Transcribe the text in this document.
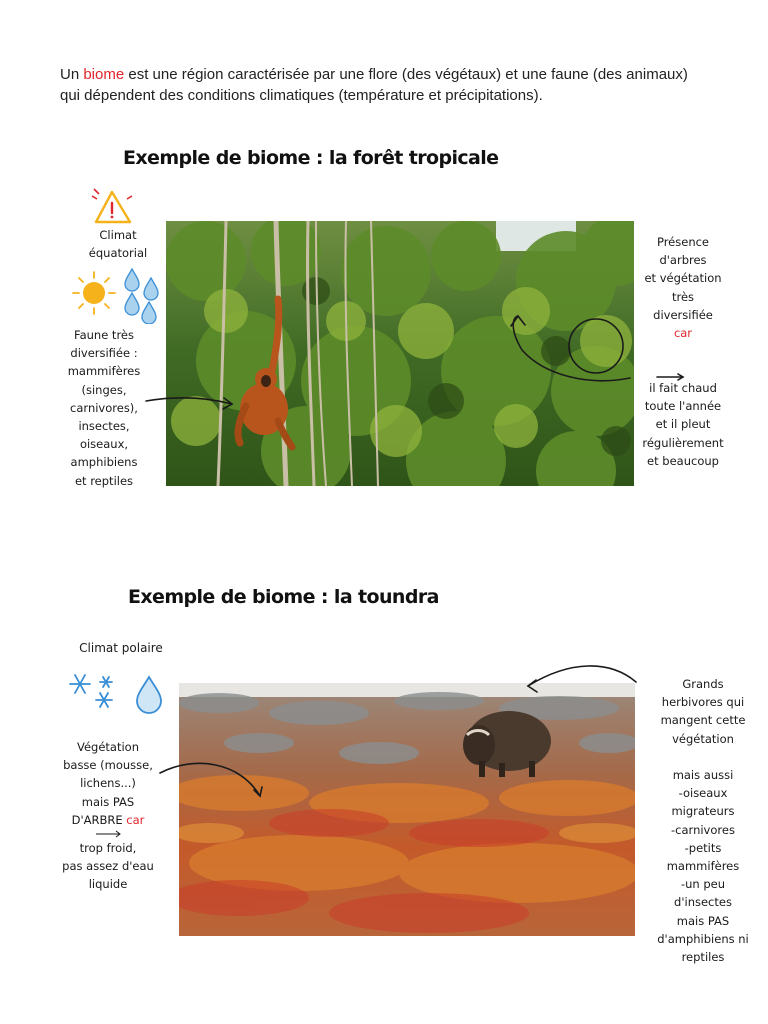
Un biome est une région caractérisée par une flore (des végétaux) et une faune (des animaux) qui dépendent des conditions climatiques (température et précipitations).
Exemple de biome : la forêt tropicale
Climat
équatorial
Faune très
diversifiée :
mammifères
(singes,
carnivores),
insectes,
oiseaux,
amphibiens
et reptiles
Présence
d'arbres
et végétation
très
diversifiée
car
il fait chaud
toute l'année
et il pleut
régulièrement
et beaucoup
Exemple de biome : la toundra
Climat polaire
Végétation
basse (mousse,
lichens...)
mais PAS
D'ARBRE car
trop froid,
pas assez d'eau
liquide
Grands
herbivores qui
mangent cette
végétation

mais aussi
-oiseaux
migrateurs
-carnivores
-petits
mammifères
-un peu
d'insectes
mais PAS
d'amphibiens ni
reptiles
